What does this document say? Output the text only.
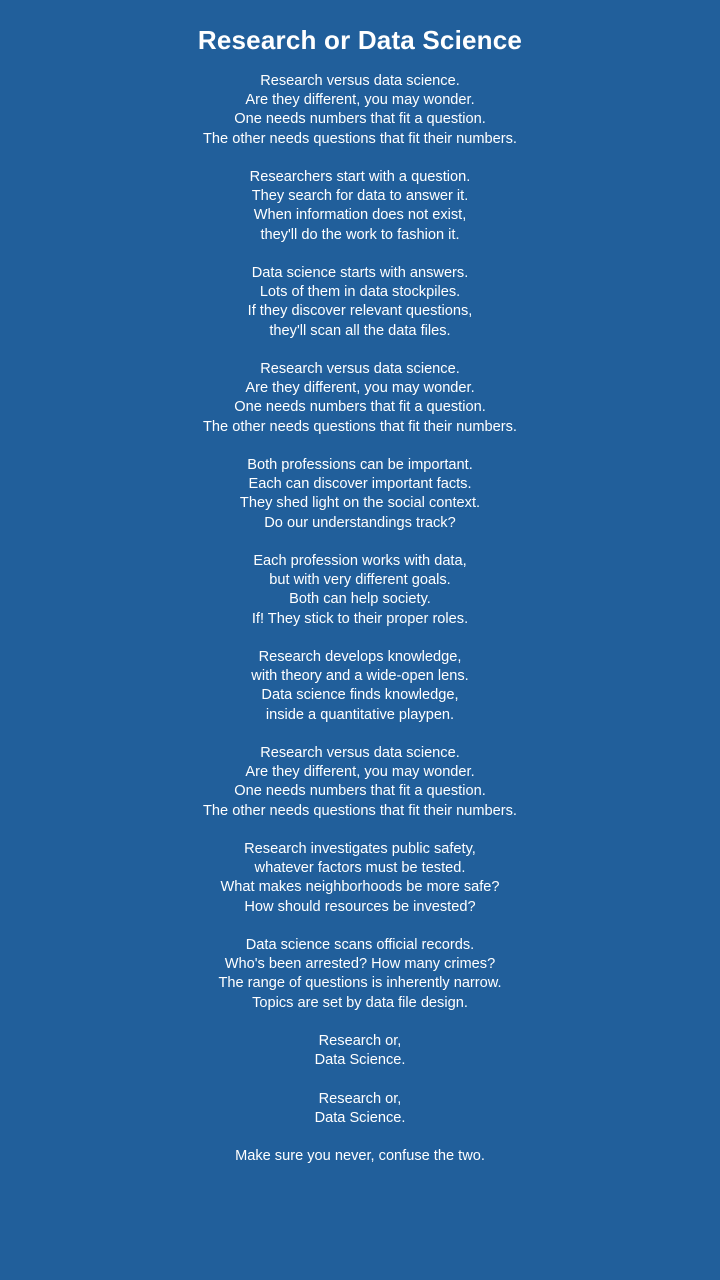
Research or Data Science

Research versus data science.
Are they different, you may wonder.
One needs numbers that fit a question.
The other needs questions that fit their numbers.

Researchers start with a question.
They search for data to answer it.
When information does not exist,
they'll do the work to fashion it.

Data science starts with answers.
Lots of them in data stockpiles.
If they discover relevant questions,
they'll scan all the data files.

Research versus data science.
Are they different, you may wonder.
One needs numbers that fit a question.
The other needs questions that fit their numbers.

Both professions can be important.
Each can discover important facts.
They shed light on the social context.
Do our understandings track?

Each profession works with data,
but with very different goals.
Both can help society.
If! They stick to their proper roles.

Research develops knowledge,
with theory and a wide-open lens.
Data science finds knowledge,
inside a quantitative playpen.

Research versus data science.
Are they different, you may wonder.
One needs numbers that fit a question.
The other needs questions that fit their numbers.

Research investigates public safety,
whatever factors must be tested.
What makes neighborhoods be more safe?
How should resources be invested?

Data science scans official records.
Who's been arrested? How many crimes?
The range of questions is inherently narrow.
Topics are set by data file design.

Research or,
Data Science.

Research or,
Data Science.

Make sure you never, confuse the two.
